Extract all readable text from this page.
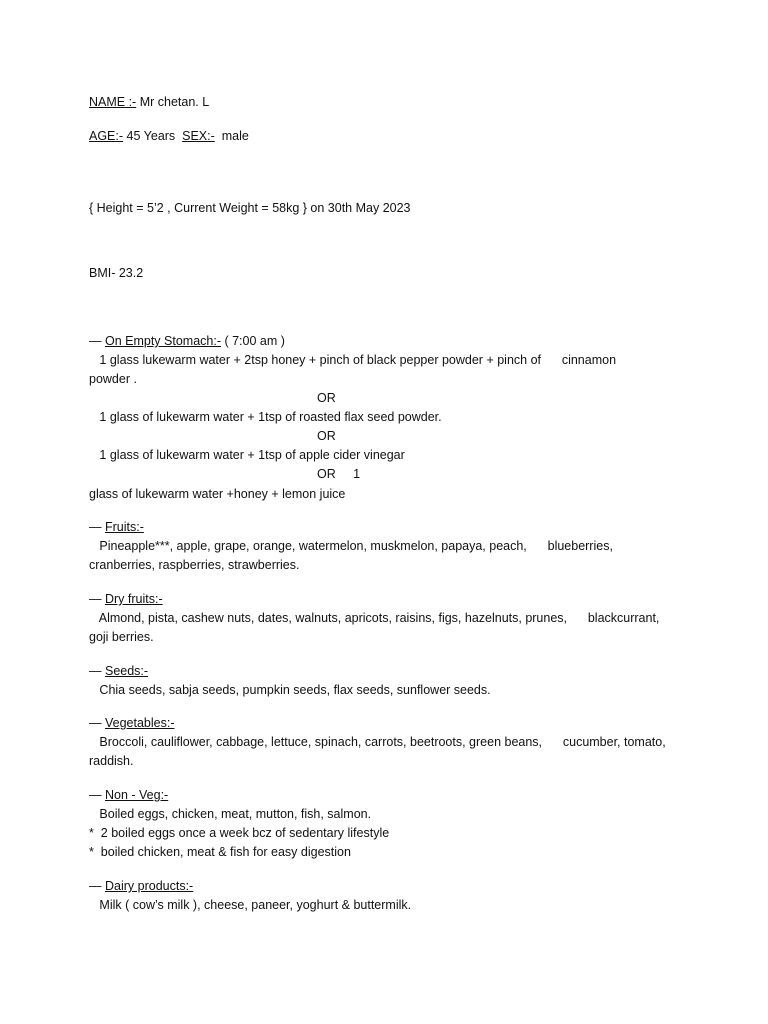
NAME :- Mr chetan. L
AGE:- 45 Years  SEX:-  male
{ Height = 5’2 , Current Weight = 58kg } on 30th May 2023
BMI- 23.2
— On Empty Stomach:- ( 7:00 am )
1 glass lukewarm water + 2tsp honey + pinch of black pepper powder + pinch of      cinnamon
powder .
OR
1 glass of lukewarm water + 1tsp of roasted flax seed powder.
OR
1 glass of lukewarm water + 1tsp of apple cider vinegar
OR     1
glass of lukewarm water +honey + lemon juice
— Fruits:-
Pineapple***, apple, grape, orange, watermelon, muskmelon, papaya, peach,      blueberries,
cranberries, raspberries, strawberries.
— Dry fruits:-
Almond, pista, cashew nuts, dates, walnuts, apricots, raisins, figs, hazelnuts, prunes,      blackcurrant,
goji berries.
— Seeds:-
Chia seeds, sabja seeds, pumpkin seeds, flax seeds, sunflower seeds.
— Vegetables:-
Broccoli, cauliflower, cabbage, lettuce, spinach, carrots, beetroots, green beans,      cucumber, tomato,
raddish.
— Non - Veg:-
Boiled eggs, chicken, meat, mutton, fish, salmon.
*  2 boiled eggs once a week bcz of sedentary lifestyle
*  boiled chicken, meat & fish for easy digestion
— Dairy products:-
Milk ( cow’s milk ), cheese, paneer, yoghurt & buttermilk.
